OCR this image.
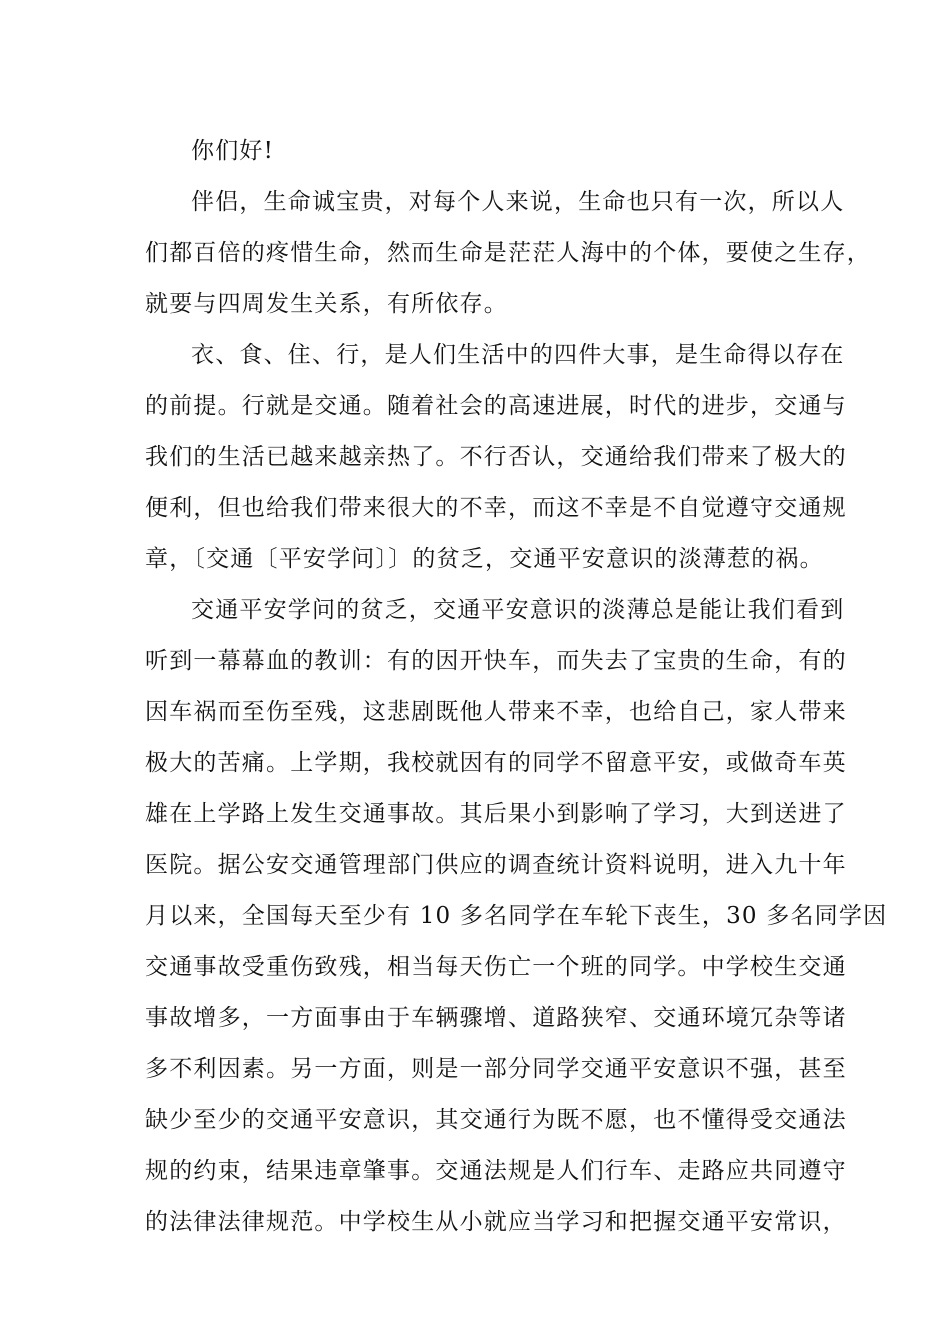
你们好!

伴侣，生命诚宝贵，对每个人来说，生命也只有一次，所以人
们都百倍的疼惜生命，然而生命是茫茫人海中的个体，要使之生存，
就要与四周发生关系，有所依存。

衣、食、住、行，是人们生活中的四件大事，是生命得以存在
的前提。行就是交通。随着社会的高速进展，时代的进步，交通与
我们的生活已越来越亲热了。不行否认，交通给我们带来了极大的
便利，但也给我们带来很大的不幸，而这不幸是不自觉遵守交通规
章，〔交通〔平安学问〕〕的贫乏，交通平安意识的淡薄惹的祸。

交通平安学问的贫乏，交通平安意识的淡薄总是能让我们看到
听到一幕幕血的教训：有的因开快车，而失去了宝贵的生命，有的
因车祸而至伤至残，这悲剧既他人带来不幸，也给自己，家人带来
极大的苦痛。上学期，我校就因有的同学不留意平安，或做奇车英
雄在上学路上发生交通事故。其后果小到影响了学习，大到送进了
医院。据公安交通管理部门供应的调查统计资料说明，进入九十年
月以来，全国每天至少有 10 多名同学在车轮下丧生，30 多名同学因
交通事故受重伤致残，相当每天伤亡一个班的同学。中学校生交通
事故增多，一方面事由于车辆骤增、道路狭窄、交通环境冗杂等诸
多不利因素。另一方面，则是一部分同学交通平安意识不强，甚至
缺少至少的交通平安意识，其交通行为既不愿，也不懂得受交通法
规的约束，结果违章肇事。交通法规是人们行车、走路应共同遵守
的法律法律规范。中学校生从小就应当学习和把握交通平安常识，
